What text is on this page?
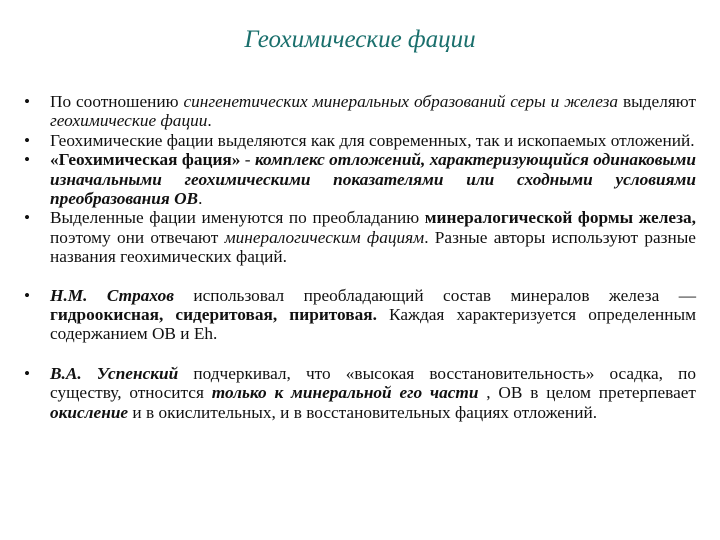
Геохимические фации
• По соотношению сингенетических минеральных образований серы и железа выделяют геохимические фации.
• Геохимические фации выделяются как для современных, так и ископаемых отложений.
• «Геохимическая фация» - комплекс отложений, характеризующийся одинаковыми изначальными геохимическими показателями или сходными условиями преобразования ОВ.
• Выделенные фации именуются по преобладанию минералогической формы железа, поэтому они отвечают минералогическим фациям. Разные авторы используют разные названия геохимических фаций.
• Н.М. Страхов использовал преобладающий состав минералов железа — гидроокисная, сидеритовая, пиритовая. Каждая характеризуется определенным содержанием ОВ и Eh.
• В.А. Успенский подчеркивал, что «высокая восстановительность» осадка, по существу, относится только к минеральной его части , ОВ в целом претерпевает окисление и в окислительных, и в восстановительных фациях отложений.
